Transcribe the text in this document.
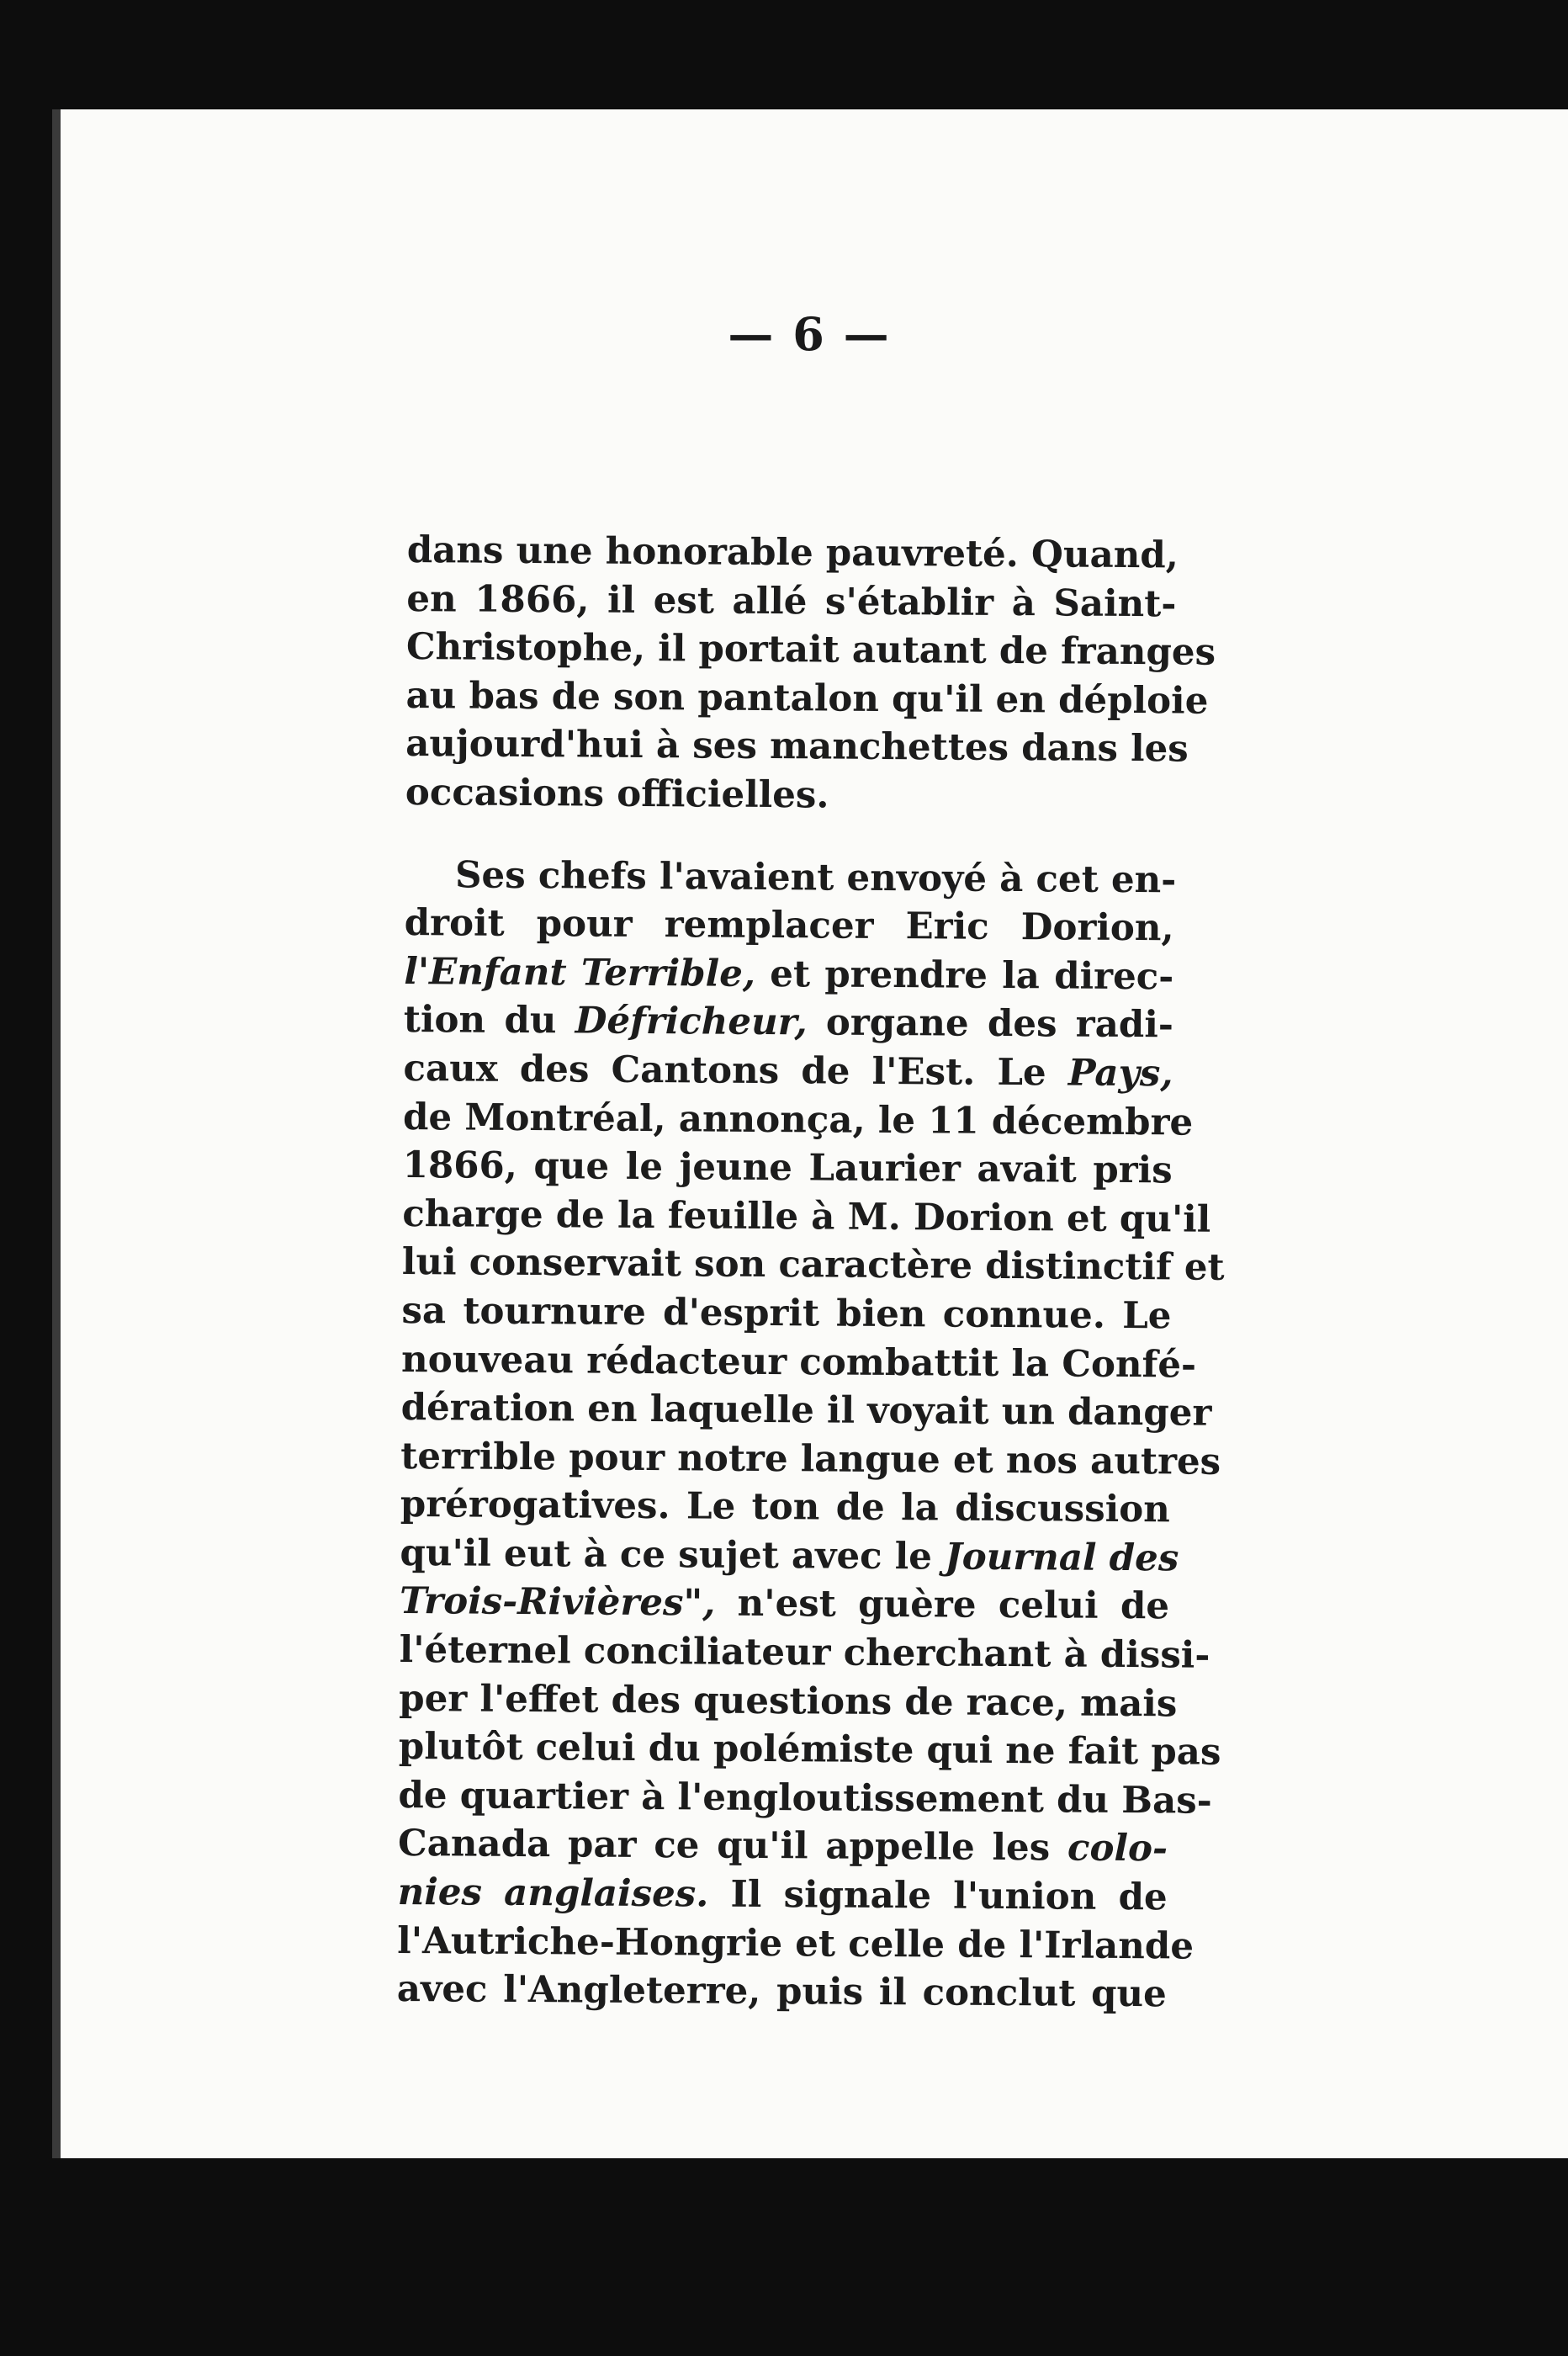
— 6 —
dans une honorable pauvreté. Quand,
en 1866, il est allé s'établir à Saint-
Christophe, il portait autant de franges
au bas de son pantalon qu'il en déploie
aujourd'hui à ses manchettes dans les
occasions officielles.
Ses chefs l'avaient envoyé à cet en-
droit pour remplacer Eric Dorion,
l'Enfant Terrible, et prendre la direc-
tion du Défricheur, organe des radi-
caux des Cantons de l'Est. Le Pays,
de Montréal, annonça, le 11 décembre
1866, que le jeune Laurier avait pris
charge de la feuille à M. Dorion et qu'il
lui conservait son caractère distinctif et
sa tournure d'esprit bien connue. Le
nouveau rédacteur combattit la Confé-
dération en laquelle il voyait un danger
terrible pour notre langue et nos autres
prérogatives. Le ton de la discussion
qu'il eut à ce sujet avec le Journal des
Trois-Rivières", n'est guère celui de
l'éternel conciliateur cherchant à dissi-
per l'effet des questions de race, mais
plutôt celui du polémiste qui ne fait pas
de quartier à l'engloutissement du Bas-
Canada par ce qu'il appelle les colo-
nies anglaises. Il signale l'union de
l'Autriche-Hongrie et celle de l'Irlande
avec l'Angleterre, puis il conclut que
